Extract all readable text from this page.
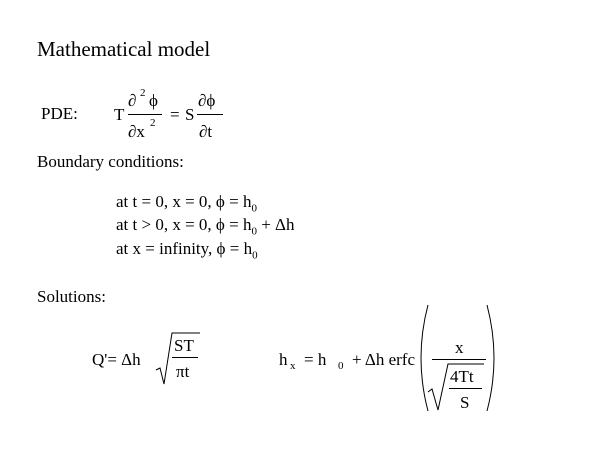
Mathematical model
PDE: T
∂ 2 ϕ
∂x 2 = S
∂ϕ
∂t
Boundary conditions:
at t = 0, x = 0, $\phi = h_0$
at t > 0, x = 0, $\phi = h_0 + \Delta h$
at x = infinity, $\phi = h_0$
Solutions:
Q'= Δh
ST
πt
h x = h 0 + Δh erfc
x
4Tt
S
